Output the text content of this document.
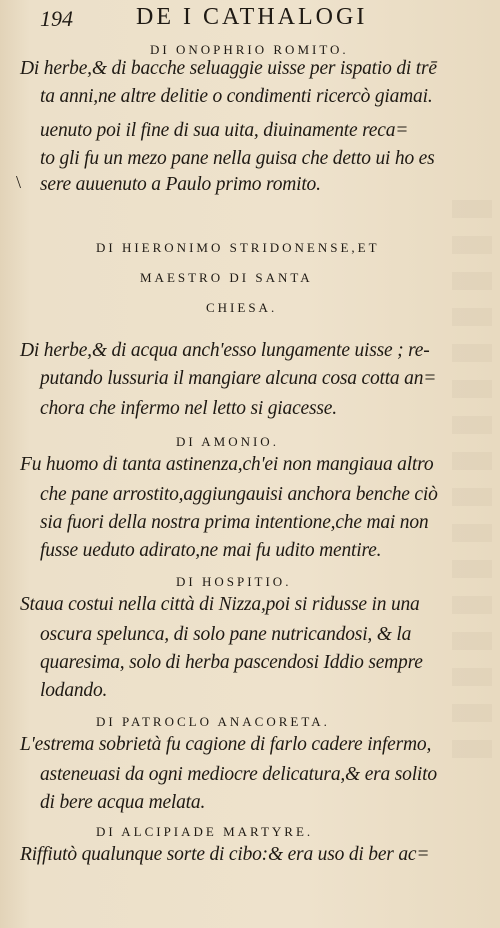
194	DE I CATHALOGI
DI ONOPHRIO ROMITO.
Di herbe,& di bacche seluaggie uisse per ispatio di trē
ta anni,ne altre delitie o condimenti ricercò giamai.
uenuto poi il fine di sua uita, diuinamente reca=
to gli fu un mezo pane nella guisa che detto ui ho es
\ sere auuenuto a Paulo primo romito.
DI HIERONIMO STRIDONENSE,ET
MAESTRO DI SANTA
CHIESA.
Di herbe,& di acqua anch'esso lungamente uisse ; re-
putando lussuria il mangiare alcuna cosa cotta an=
chora che infermo nel letto si giacesse.
DI AMONIO.
Fu huomo di tanta astinenza,ch'ei non mangiaua altro
che pane arrostito,aggiungauisi anchora benche ciò
sia fuori della nostra prima intentione,che mai non
fusse ueduto adirato,ne mai fu udito mentire.
DI HOSPITIO.
Staua costui nella città di Nizza,poi si ridusse in una
oscura spelunca, di solo pane nutricandosi, & la
quaresima, solo di herba pascendosi Iddio sempre
lodando.
DI PATROCLO ANACORETA.
L'estrema sobrietà fu cagione di farlo cadere infermo,
asteneuasi da ogni mediocre delicatura,& era solito
di bere acqua melata.
DI ALCIPIADE MARTYRE.
Riffiutò qualunque sorte di cibo:& era uso di ber ac=
